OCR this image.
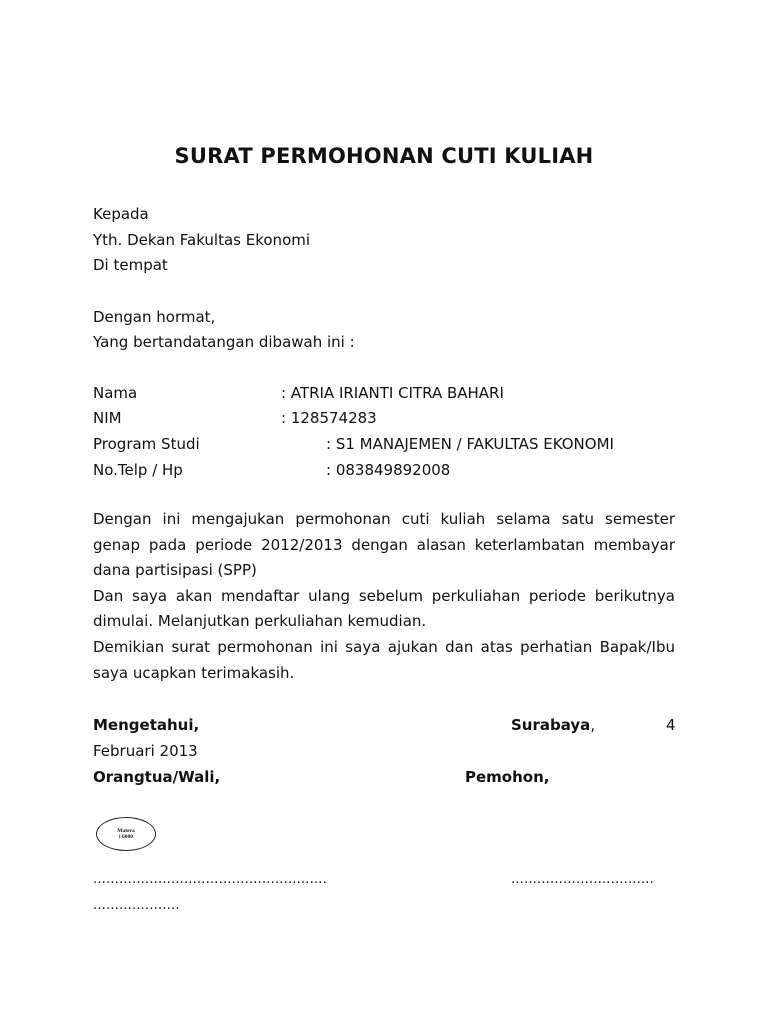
SURAT PERMOHONAN CUTI KULIAH

Kepada

Yth. Dekan Fakultas Ekonomi

Di tempat

Dengan hormat,

Yang bertandatangan dibawah ini :

Nama	: ATRIA IRIANTI CITRA BAHARI
NIM	: 128574283
Program Studi	: S1 MANAJEMEN / FAKULTAS EKONOMI
No.Telp / Hp	: 083849892008
Dengan ini mengajukan permohonan cuti kuliah selama satu semester
genap pada periode 2012/2013 dengan alasan keterlambatan membayar
dana partisipasi (SPP)
Dan saya akan mendaftar ulang sebelum perkuliahan periode berikutnya
dimulai. Melanjutkan perkuliahan kemudian.
Demikian surat permohonan ini saya ajukan dan atas perhatian Bapak/Ibu
saya ucapkan terimakasih.
Mengetahui,	Surabaya,	4
Februari 2013
Orangtua/Wali,	Pemohon,
Matera
i 6000
......................................................	.................................
....................
